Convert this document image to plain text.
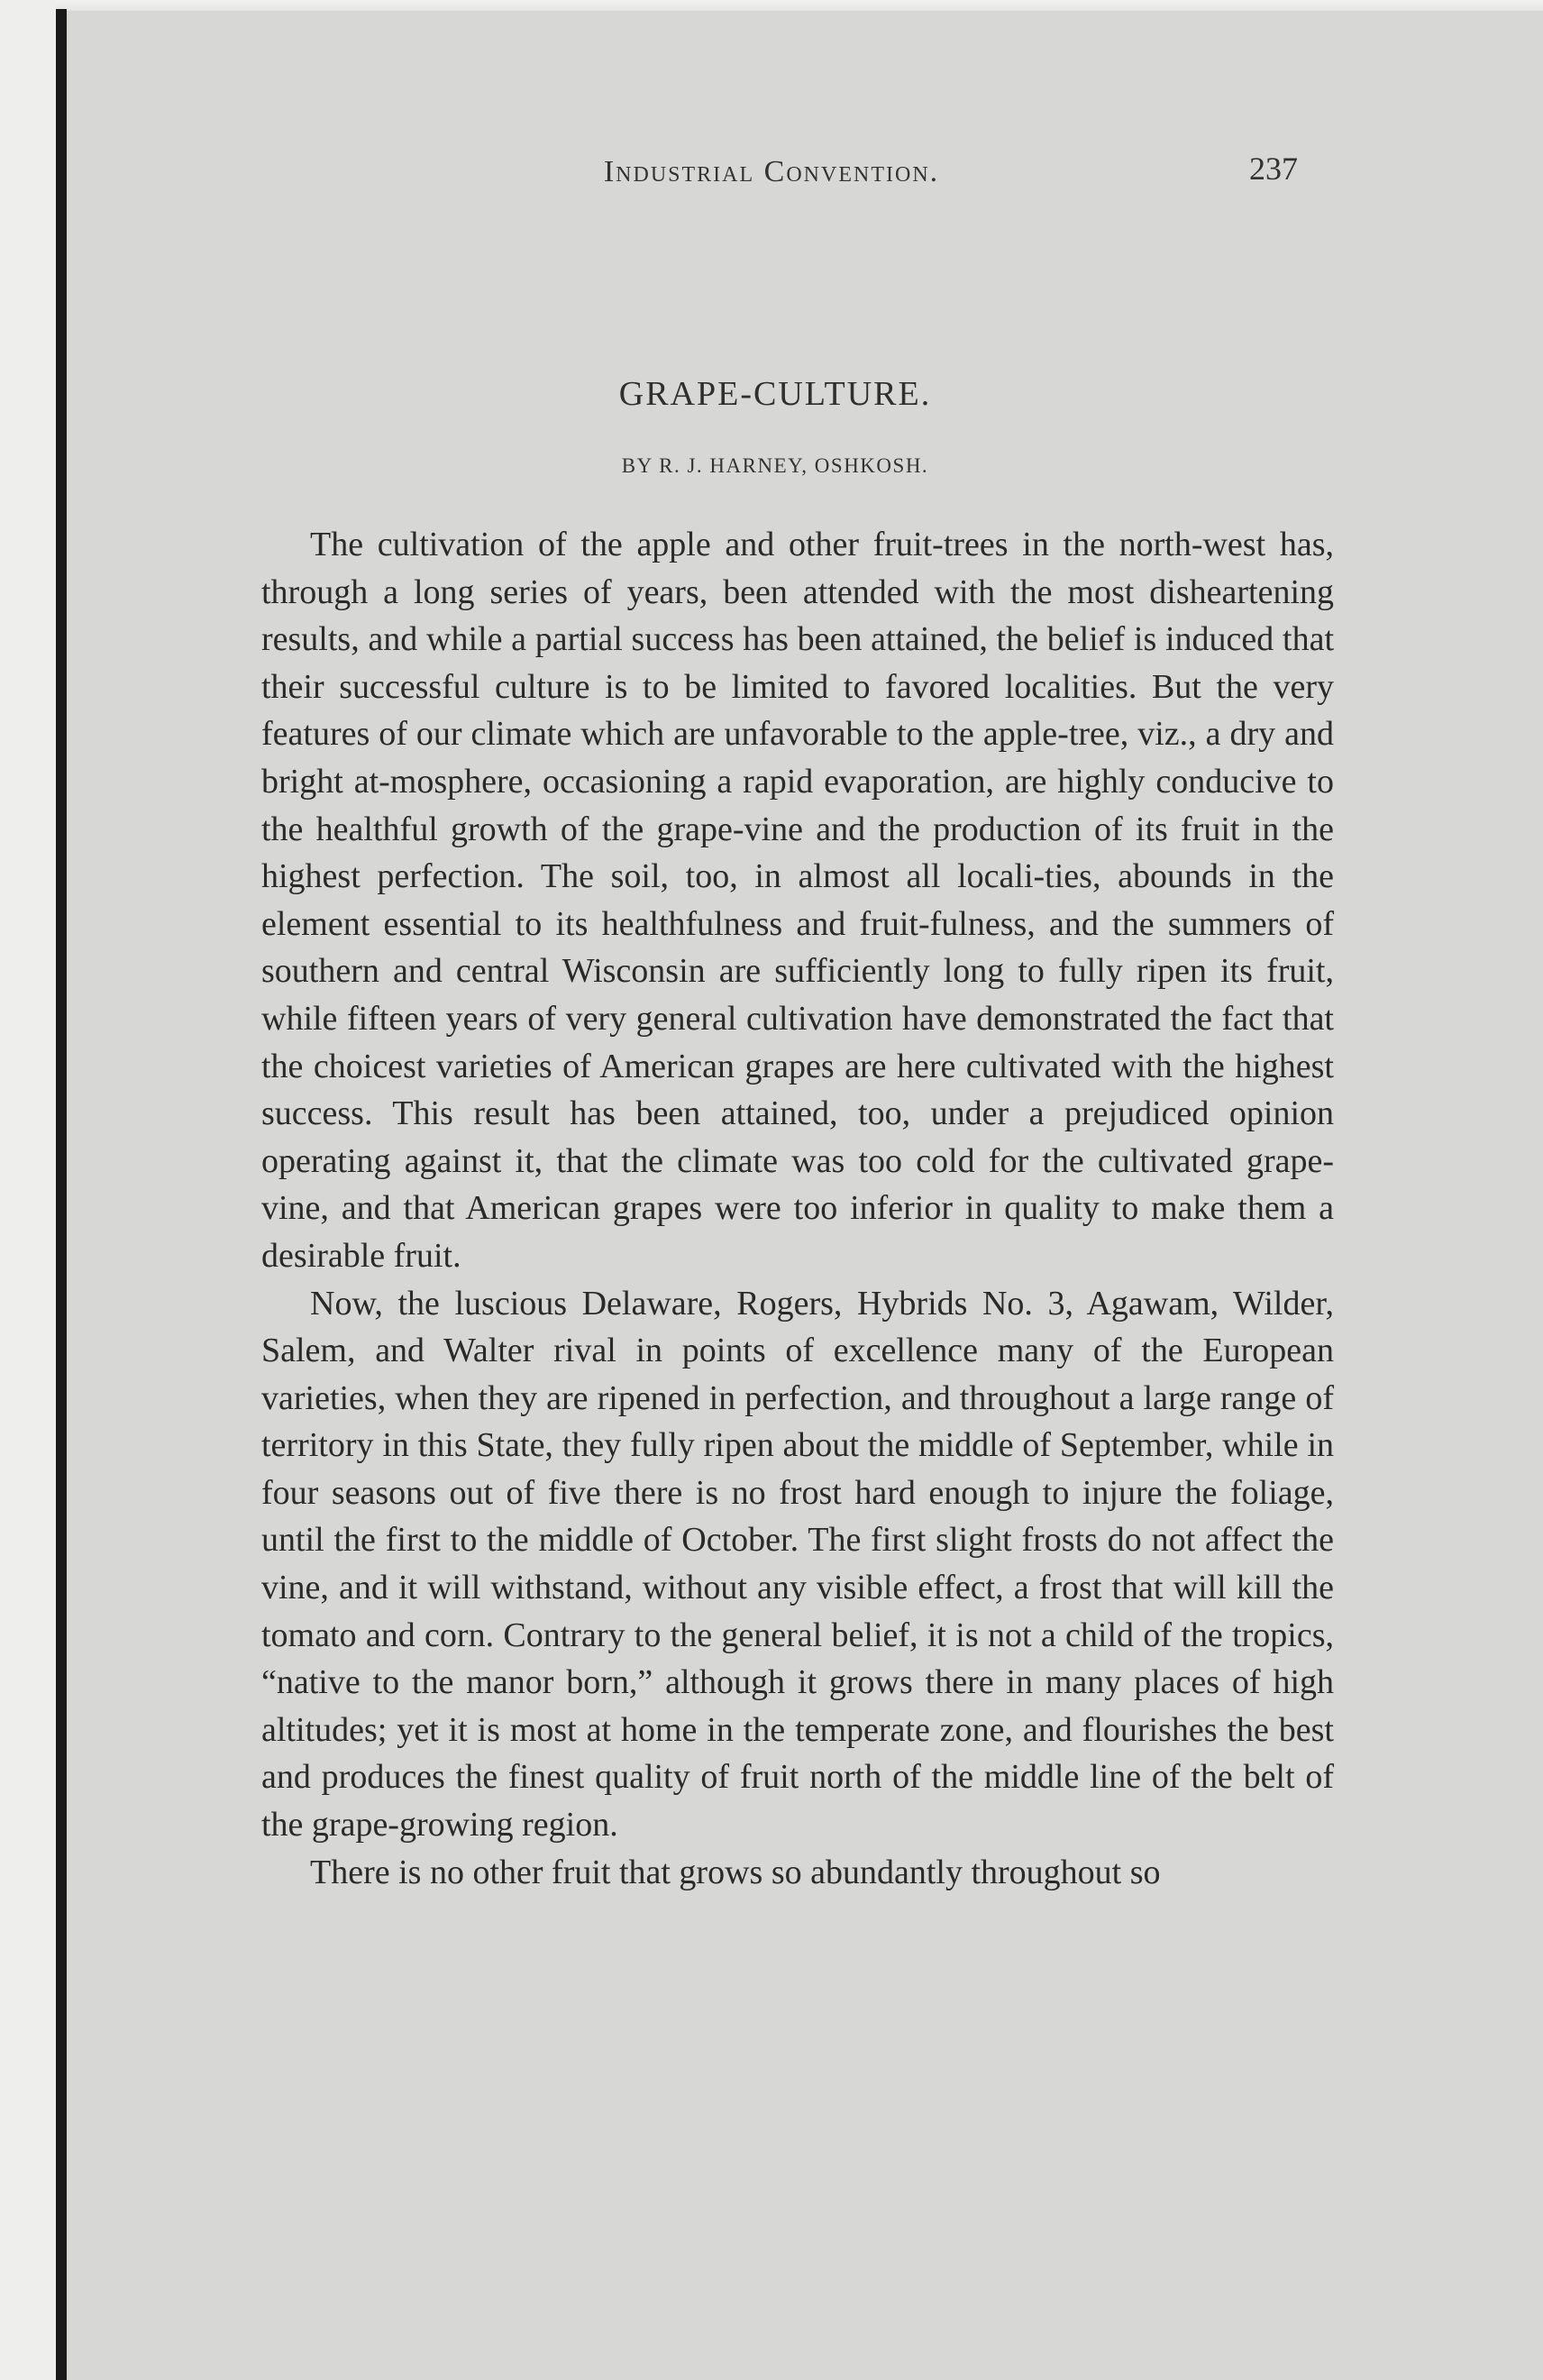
Industrial Convention.	237
GRAPE-CULTURE.
BY R. J. HARNEY, OSHKOSH.

The cultivation of the apple and other fruit-trees in the north-west has, through a long series of years, been attended with the most disheartening results, and while a partial success has been attained, the belief is induced that their successful culture is to be limited to favored localities. But the very features of our climate which are unfavorable to the apple-tree, viz., a dry and bright at-mosphere, occasioning a rapid evaporation, are highly conducive to the healthful growth of the grape-vine and the production of its fruit in the highest perfection. The soil, too, in almost all locali-ties, abounds in the element essential to its healthfulness and fruit-fulness, and the summers of southern and central Wisconsin are sufficiently long to fully ripen its fruit, while fifteen years of very general cultivation have demonstrated the fact that the choicest varieties of American grapes are here cultivated with the highest success. This result has been attained, too, under a prejudiced opinion operating against it, that the climate was too cold for the cultivated grape-vine, and that American grapes were too inferior in quality to make them a desirable fruit.

Now, the luscious Delaware, Rogers, Hybrids No. 3, Agawam, Wilder, Salem, and Walter rival in points of excellence many of the European varieties, when they are ripened in perfection, and throughout a large range of territory in this State, they fully ripen about the middle of September, while in four seasons out of five there is no frost hard enough to injure the foliage, until the first to the middle of October. The first slight frosts do not affect the vine, and it will withstand, without any visible effect, a frost that will kill the tomato and corn. Contrary to the general belief, it is not a child of the tropics, “native to the manor born,” although it grows there in many places of high altitudes; yet it is most at home in the temperate zone, and flourishes the best and produces the finest quality of fruit north of the middle line of the belt of the grape-growing region.

There is no other fruit that grows so abundantly throughout so
